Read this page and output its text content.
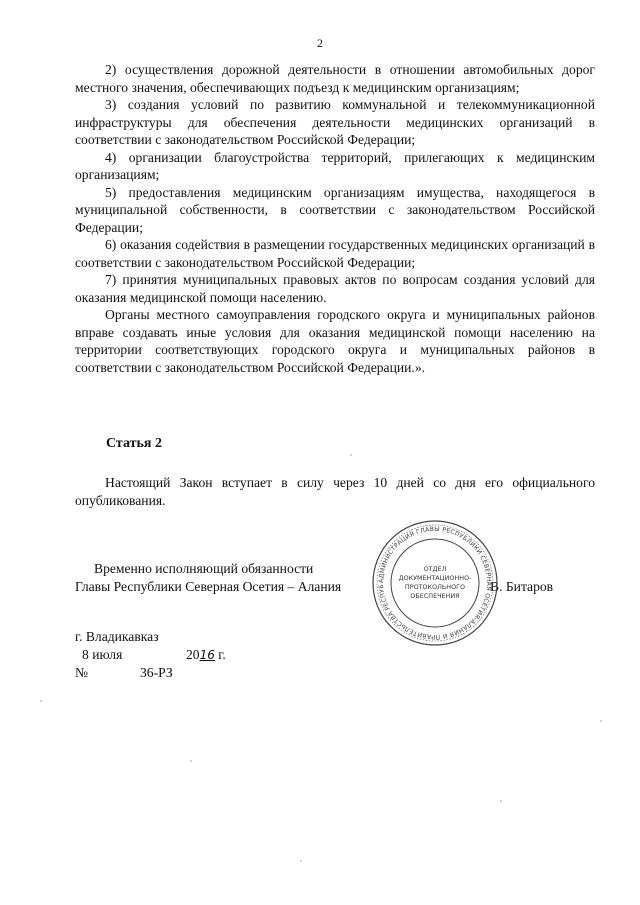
2

2) осуществления дорожной деятельности в отношении автомобильных дорог местного значения, обеспечивающих подъезд к медицинским организациям;

3) создания условий по развитию коммунальной и телекоммуникационной инфраструктуры для обеспечения деятельности медицинских организаций в соответствии с законодательством Российской Федерации;

4) организации благоустройства территорий, прилегающих к медицинским организациям;

5) предоставления медицинским организациям имущества, находящегося в муниципальной собственности, в соответствии с законодательством Российской Федерации;

6) оказания содействия в размещении государственных медицинских организаций в соответствии с законодательством Российской Федерации;

7) принятия муниципальных правовых актов по вопросам создания условий для оказания медицинской помощи населению.

Органы местного самоуправления городского округа и муниципальных районов вправе создавать иные условия для оказания медицинской помощи населению на территории соответствующих городского округа и муниципальных районов в соответствии с законодательством Российской Федерации.».

Статья 2

Настоящий Закон вступает в силу через 10 дней со дня его официального опубликования.

Временно исполняющий обязанности
Главы Республики Северная Осетия – Алания	В. Битаров
АДМИНИСТРАЦИЯ ГЛАВЫ РЕСПУБЛИКИ СЕВЕРНАЯ ОСЕТИЯ-АЛАНИЯ И ПРАВИТЕЛЬСТВА РЕСПУБ
ОТДЕЛ
ДОКУМЕНТАЦИОННО-
ПРОТОКОЛЬНОГО
ОБЕСПЕЧЕНИЯ
г. Владикавказ
8 июля	2016 г.
№	36-РЗ
